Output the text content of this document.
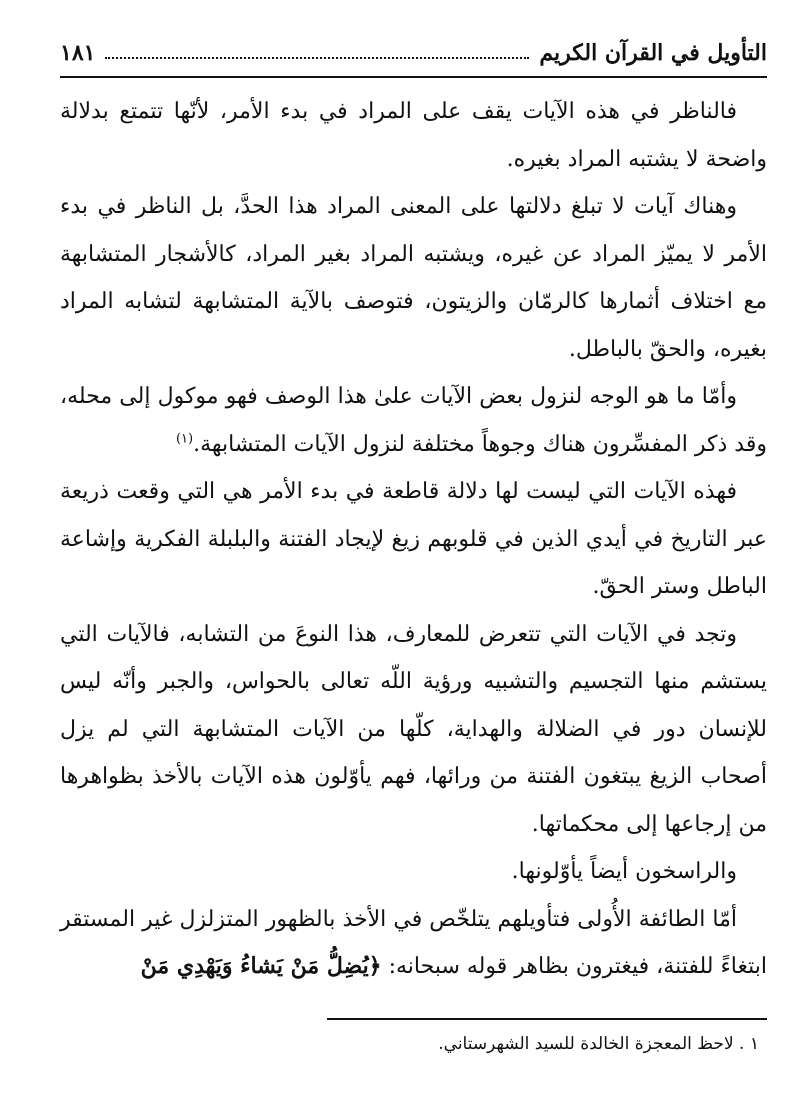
التأويل في القرآن الكريم
١٨١

فالناظر في هذه الآيات يقف على المراد في بدء الأمر، لأنّها تتمتع بدلالة واضحة لا يشتبه المراد بغيره.

وهناك آيات لا تبلغ دلالتها على المعنى المراد هذا الحدَّ، بل الناظر في بدء الأمر لا يميّز المراد عن غيره، ويشتبه المراد بغير المراد، كالأشجار المتشابهة مع اختلاف أثمارها كالرمّان والزيتون، فتوصف بالآية المتشابهة لتشابه المراد بغيره، والحقّ بالباطل.

وأمّا ما هو الوجه لنزول بعض الآيات علىٰ هذا الوصف فهو موكول إلى محله، وقد ذكر المفسِّرون هناك وجوهاً مختلفة لنزول الآيات المتشابهة.$^{(١)}$

فهذه الآيات التي ليست لها دلالة قاطعة في بدء الأمر هي التي وقعت ذريعة عبر التاريخ في أيدي الذين في قلوبهم زيغ لإيجاد الفتنة والبلبلة الفكرية وإشاعة الباطل وستر الحقّ.

وتجد في الآيات التي تتعرض للمعارف، هذا النوعَ من التشابه، فالآيات التي يستشم منها التجسيم والتشبيه ورؤية اللّه تعالى بالحواس، والجبر وأنّه ليس للإنسان دور في الضلالة والهداية، كلّها من الآيات المتشابهة التي لم يزل أصحاب الزيغ يبتغون الفتنة من ورائها، فهم يأوّلون هذه الآيات بالأخذ بظواهرها من إرجاعها إلى محكماتها.

والراسخون أيضاً يأوّلونها.

أمّا الطائفة الأُولى فتأويلهم يتلخّص في الأخذ بالظهور المتزلزل غير المستقر ابتغاءً للفتنة، فيغترون بظاهر قوله سبحانه: ﴿يُضِلُّ مَنْ يَشاءُ وَيَهْدِي مَنْ

١ . لاحظ المعجزة الخالدة للسيد الشهرستاني.
